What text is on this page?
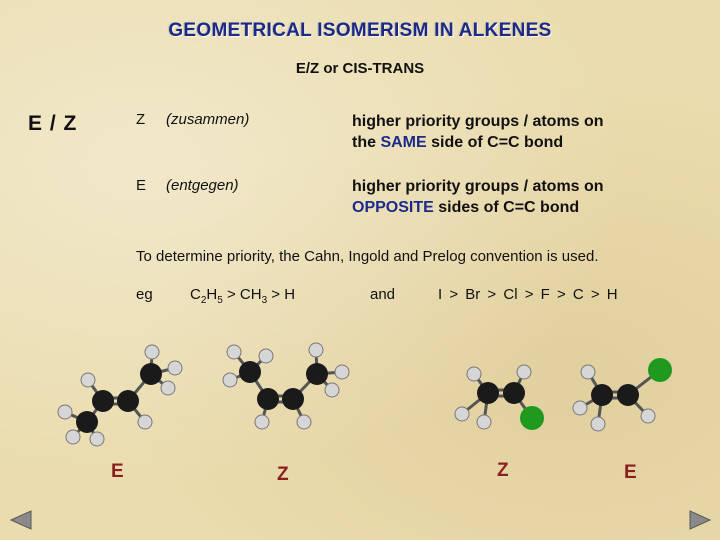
GEOMETRICAL ISOMERISM IN ALKENES
E/Z or CIS-TRANS
E / Z	Z (zusammen)	higher priority groups / atoms on
the SAME side of C=C bond
E (entgegen)	higher priority groups / atoms on
OPPOSITE sides of C=C bond
To determine priority, the Cahn, Ingold and Prelog convention is used.
eg $C_2H_5 > CH_3 > H$	and	I > Br > Cl > F > C > H
E	Z	Z	E
